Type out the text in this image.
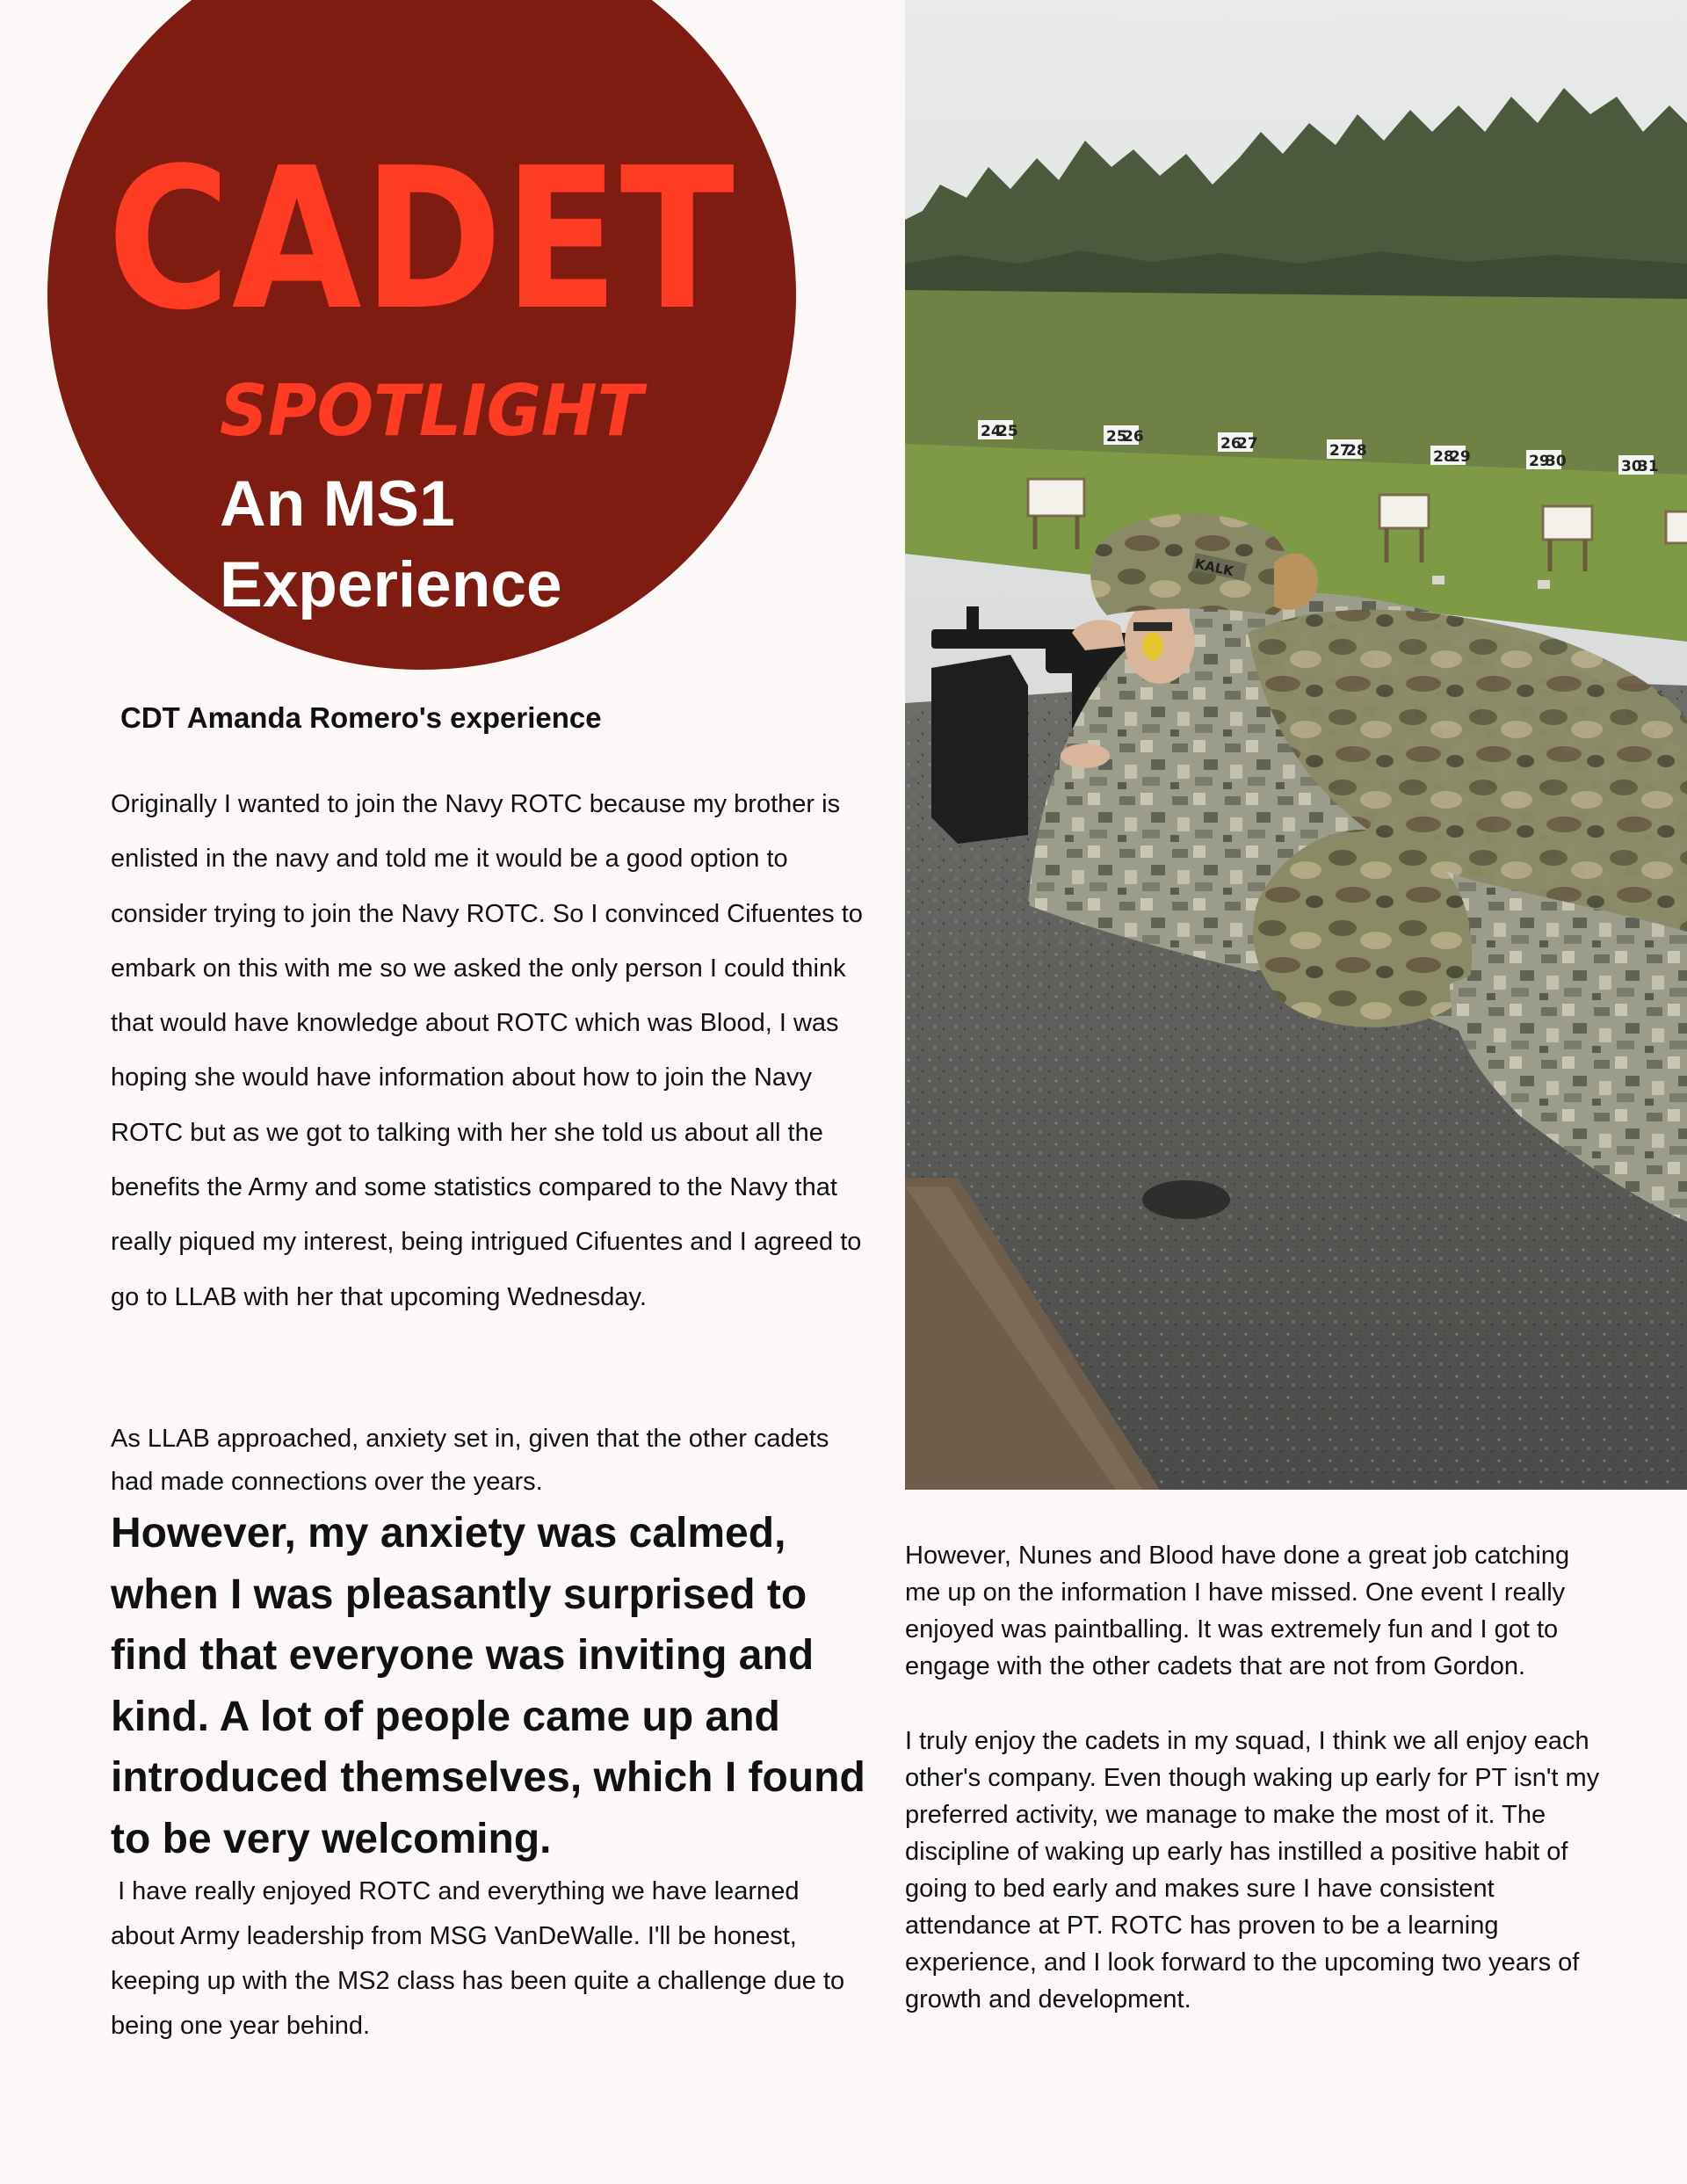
CADET
SPOTLIGHT
An MS1
Experience
CDT Amanda Romero's experience
24
25	25
26	26
27	27
28	28
29	29
30	30
31
KALK

Originally I wanted to join the Navy ROTC because my brother is enlisted in the navy and told me it would be a good option to consider trying to join the Navy ROTC. So I convinced Cifuentes to embark on this with me so we asked the only person I could think that would have knowledge about ROTC which was Blood, I was hoping she would have information about how to join the Navy ROTC but as we got to talking with her she told us about all the benefits the Army and some statistics compared to the Navy that really piqued my interest, being intrigued Cifuentes and I agreed to go to LLAB with her that upcoming Wednesday.

As LLAB approached, anxiety set in, given that the other cadets had made connections over the years.

However, my anxiety was calmed, when I was pleasantly surprised to find that everyone was inviting and kind. A lot of people came up and introduced themselves, which I found to be very welcoming.

I have really enjoyed ROTC and everything we have learned about Army leadership from MSG VanDeWalle. I'll be honest, keeping up with the MS2 class has been quite a challenge due to being one year behind.

However, Nunes and Blood have done a great job catching me up on the information I have missed. One event I really enjoyed was paintballing. It was extremely fun and I got to engage with the other cadets that are not from Gordon.

I truly enjoy the cadets in my squad, I think we all enjoy each other's company. Even though waking up early for PT isn't my preferred activity, we manage to make the most of it. The discipline of waking up early has instilled a positive habit of going to bed early and makes sure I have consistent attendance at PT. ROTC has proven to be a learning experience, and I look forward to the upcoming two years of growth and development.
